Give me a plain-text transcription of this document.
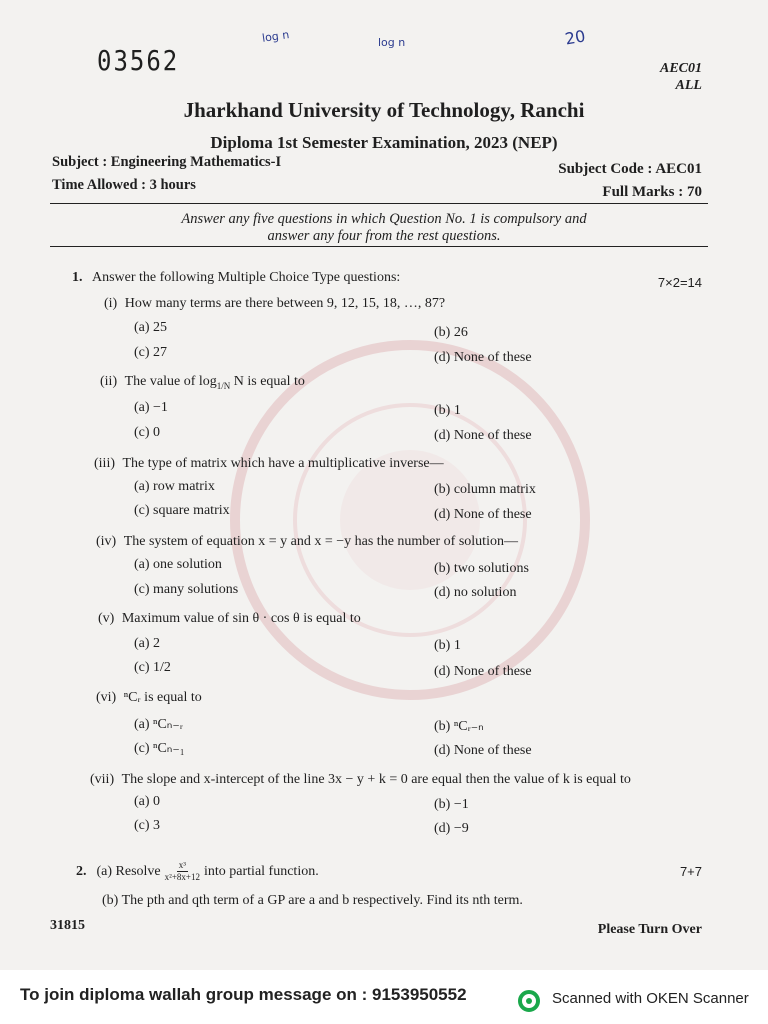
log n	log n	20
03562	AEC01
ALL
Jharkhand University of Technology, Ranchi
Diploma 1st Semester Examination, 2023 (NEP)
Subject : Engineering Mathematics-I
Time Allowed : 3 hours
Subject Code : AEC01
Full Marks : 70
Answer any five questions in which Question No. 1 is compulsory and
answer any four from the rest questions.
1. Answer the following Multiple Choice Type questions:	7×2=14
(i) How many terms are there between 9, 12, 15, 18, …, 87?
(a) 25	(b) 26
(c) 27	(d) None of these
(ii) The value of $\log_{1/N} N$ is equal to
(a) −1	(b) 1
(c) 0	(d) None of these
(iii) The type of matrix which have a multiplicative inverse—
(a) row matrix	(b) column matrix
(c) square matrix	(d) None of these
(iv) The system of equation x = y and x = −y has the number of solution—
(a) one solution	(b) two solutions
(c) many solutions	(d) no solution
(v) Maximum value of sin θ · cos θ is equal to
(a) 2	(b) 1
(c) 1/2	(d) None of these
(vi) ⁿCᵣ is equal to
(a) ⁿCₙ₋ᵣ	(b) ⁿCᵣ₋ₙ
(c) ⁿCₙ₋₁	(d) None of these
(vii) The slope and x-intercept of the line 3x − y + k = 0 are equal then the value of k is equal to
(a) 0	(b) −1
(c) 3	(d) −9
2. (a) Resolve $\frac{\text{x³}}{\text{x²+8x+12}}$ into partial function.	7+7
(b) The pth and qth term of a GP are a and b respectively. Find its nth term.
31815	Please Turn Over
To join diploma wallah group message on : 9153950552	Scanned with OKEN Scanner
